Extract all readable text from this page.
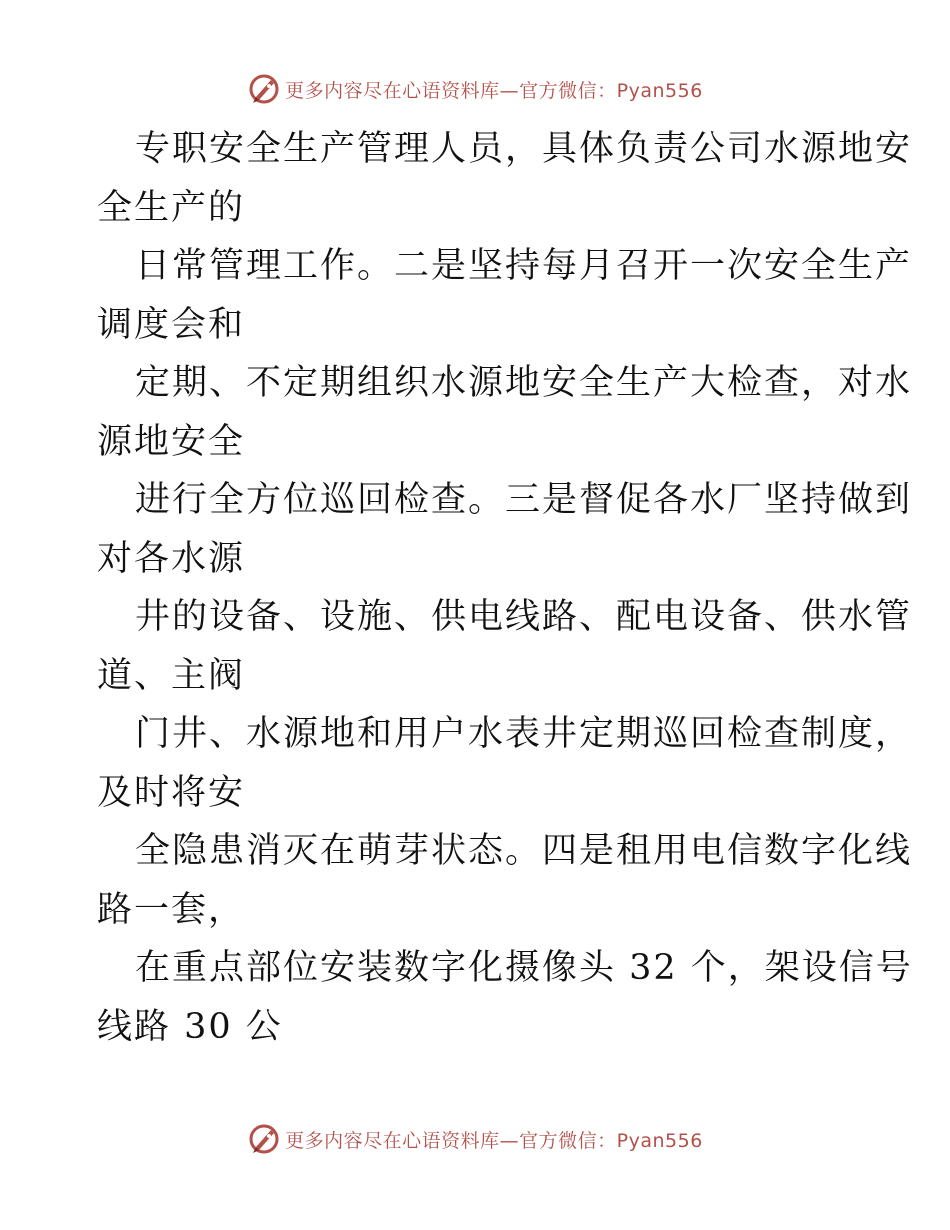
更多内容尽在心语资料库—官方微信：Pyan556
专职安全生产管理人员，具体负责公司水源地安
全生产的
日常管理工作。二是坚持每月召开一次安全生产
调度会和
定期、不定期组织水源地安全生产大检查，对水
源地安全
进行全方位巡回检查。三是督促各水厂坚持做到
对各水源
井的设备、设施、供电线路、配电设备、供水管
道、主阀
门井、水源地和用户水表井定期巡回检查制度，
及时将安
全隐患消灭在萌芽状态。四是租用电信数字化线
路一套，
在重点部位安装数字化摄像头 32 个，架设信号
线路 30 公
更多内容尽在心语资料库—官方微信：Pyan556
